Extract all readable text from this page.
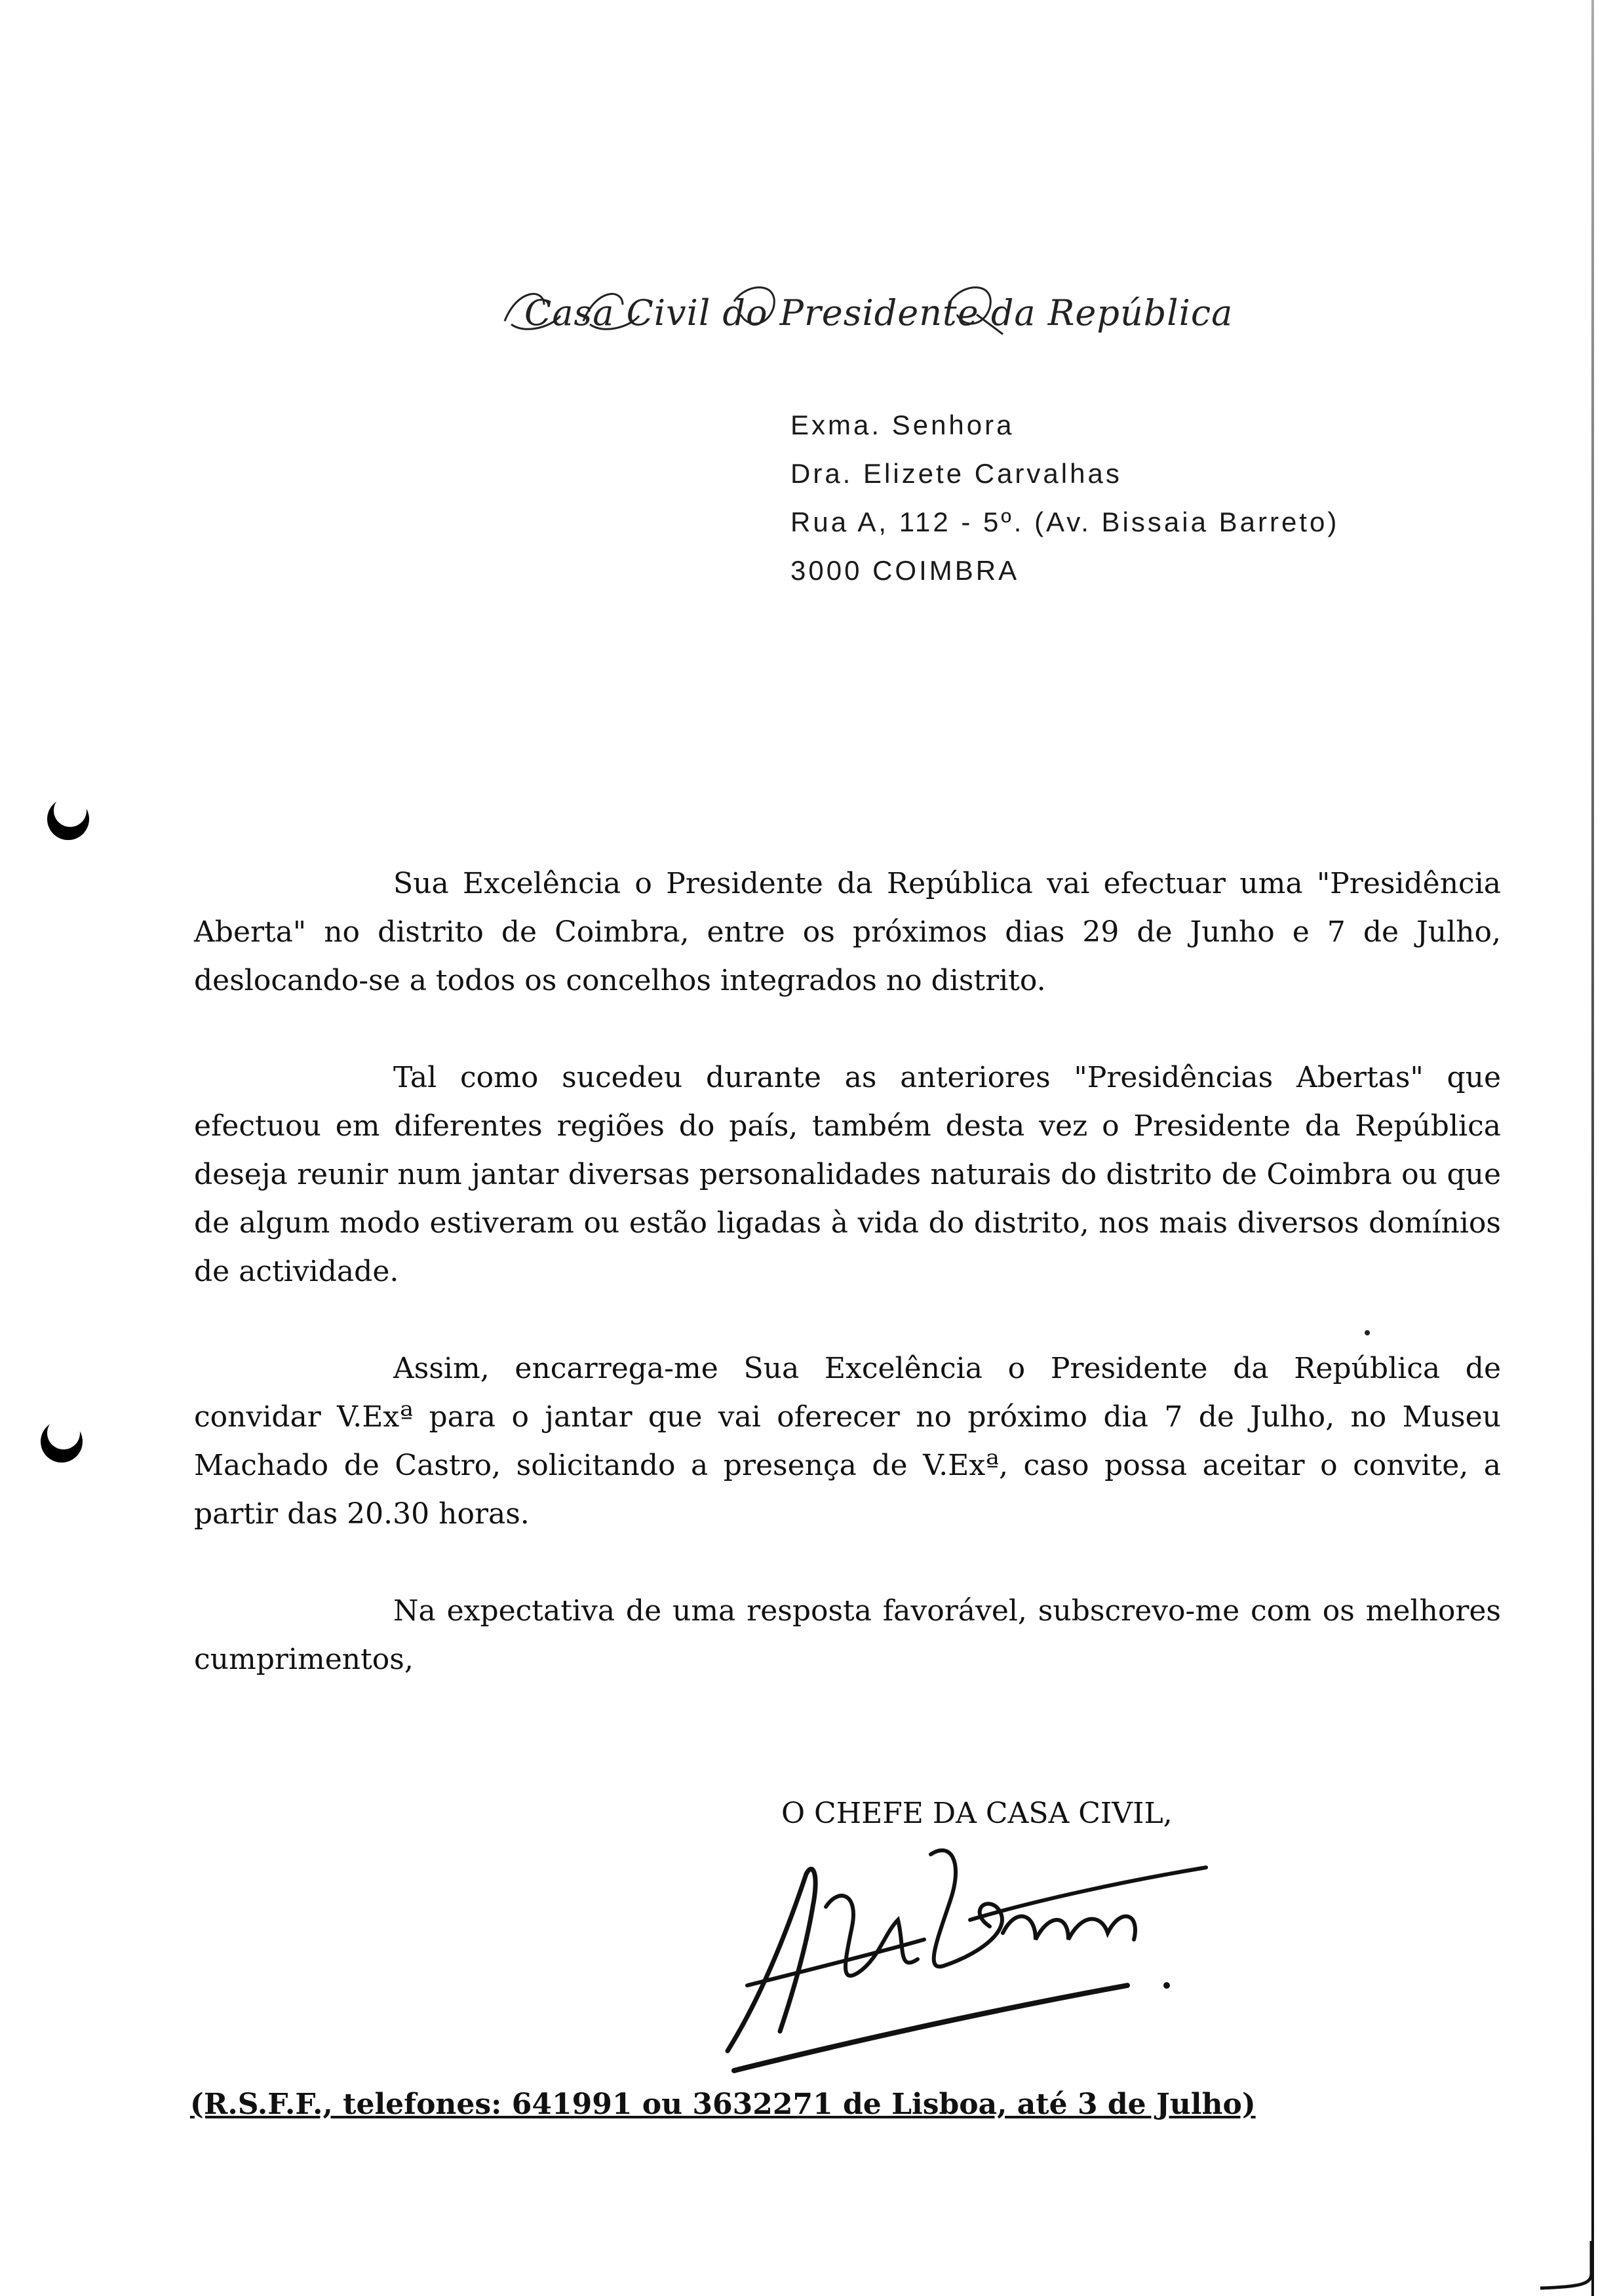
Casa Civil do Presidente da República
Exma. Senhora
Dra. Elizete Carvalhas
Rua A, 112 - 5º. (Av. Bissaia Barreto)
3000 COIMBRA

Sua Excelência o Presidente da República vai efectuar uma "Presidência Aberta" no distrito de Coimbra, entre os próximos dias 29 de Junho e 7 de Julho, deslocando-se a todos os concelhos integrados no distrito.

Tal como sucedeu durante as anteriores "Presidências Abertas" que efectuou em diferentes regiões do país, também desta vez o Presidente da República deseja reunir num jantar diversas personalidades naturais do distrito de Coimbra ou que de algum modo estiveram ou estão ligadas à vida do distrito, nos mais diversos domínios de actividade.

Assim, encarrega-me Sua Excelência o Presidente da República de convidar V.Exª para o jantar que vai oferecer no próximo dia 7 de Julho, no Museu Machado de Castro, solicitando a presença de V.Exª, caso possa aceitar o convite, a partir das 20.30 horas.

Na expectativa de uma resposta favorável, subscrevo-me com os melhores cumprimentos,

O CHEFE DA CASA CIVIL,
Alfredo Barroso
(R.S.F.F., telefones: 641991 ou 3632271 de Lisboa, até 3 de Julho)
